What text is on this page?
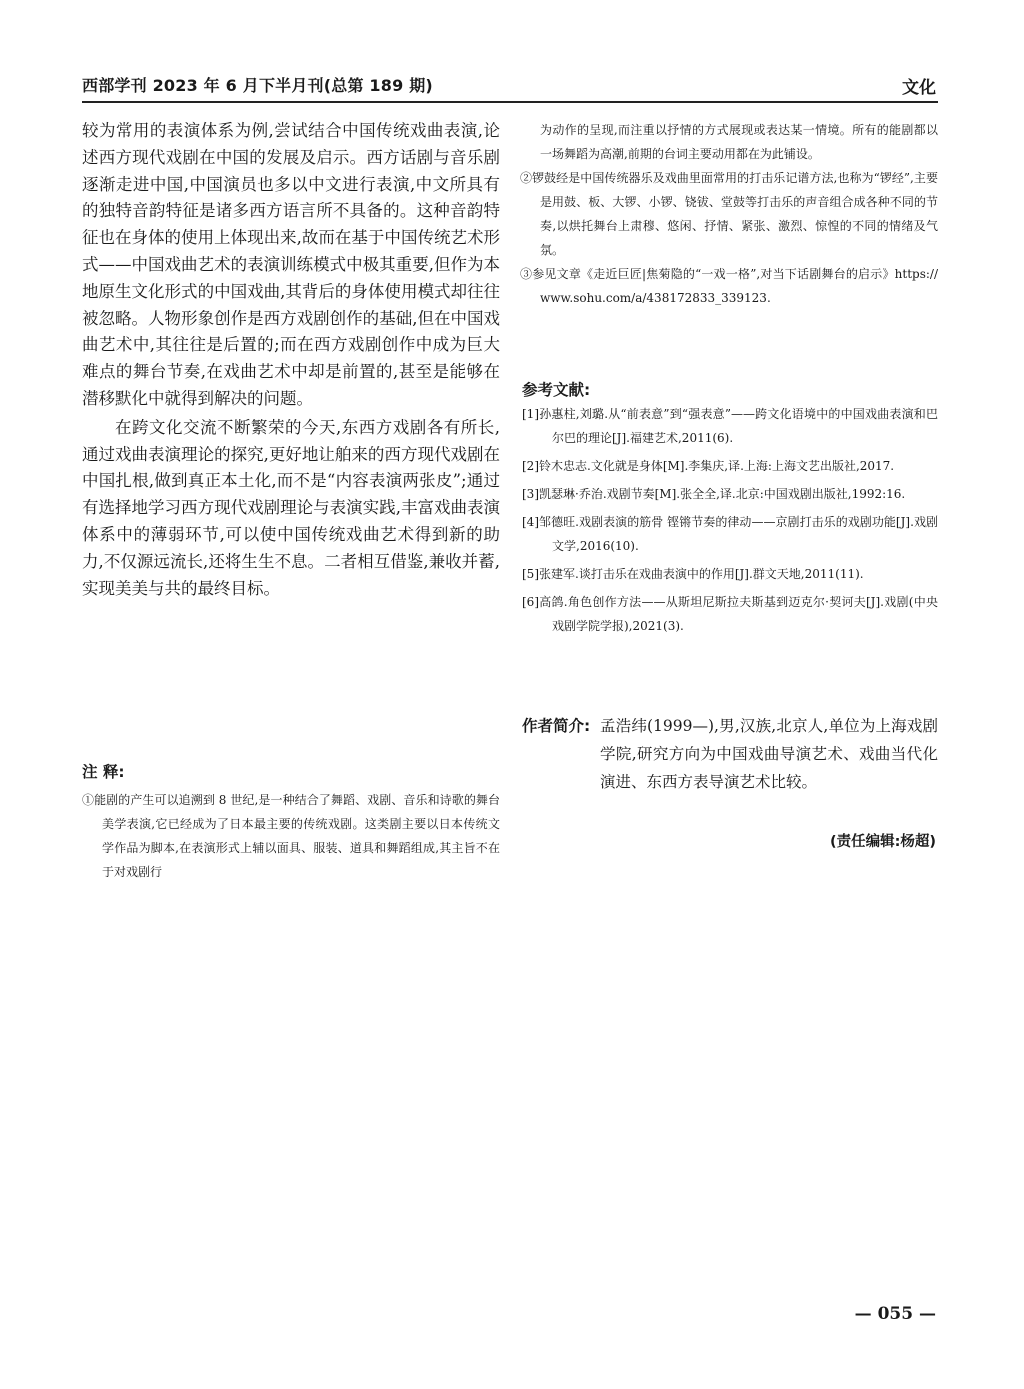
西部学刊 2023 年 6 月下半月刊(总第 189 期)	文化

较为常用的表演体系为例,尝试结合中国传统戏曲表演,论述西方现代戏剧在中国的发展及启示。西方话剧与音乐剧逐渐走进中国,中国演员也多以中文进行表演,中文所具有的独特音韵特征是诸多西方语言所不具备的。这种音韵特征也在身体的使用上体现出来,故而在基于中国传统艺术形式——中国戏曲艺术的表演训练模式中极其重要,但作为本地原生文化形式的中国戏曲,其背后的身体使用模式却往往被忽略。人物形象创作是西方戏剧创作的基础,但在中国戏曲艺术中,其往往是后置的;而在西方戏剧创作中成为巨大难点的舞台节奏,在戏曲艺术中却是前置的,甚至是能够在潜移默化中就得到解决的问题。

在跨文化交流不断繁荣的今天,东西方戏剧各有所长,通过戏曲表演理论的探究,更好地让舶来的西方现代戏剧在中国扎根,做到真正本土化,而不是“内容表演两张皮”;通过有选择地学习西方现代戏剧理论与表演实践,丰富戏曲表演体系中的薄弱环节,可以使中国传统戏曲艺术得到新的助力,不仅源远流长,还将生生不息。二者相互借鉴,兼收并蓄,实现美美与共的最终目标。

注 释:

①能剧的产生可以追溯到 8 世纪,是一种结合了舞蹈、戏剧、音乐和诗歌的舞台美学表演,它已经成为了日本最主要的传统戏剧。这类剧主要以日本传统文学作品为脚本,在表演形式上辅以面具、服装、道具和舞蹈组成,其主旨不在于对戏剧行

为动作的呈现,而注重以抒情的方式展现或表达某一情境。所有的能剧都以一场舞蹈为高潮,前期的台词主要动用都在为此铺设。

②锣鼓经是中国传统器乐及戏曲里面常用的打击乐记谱方法,也称为“锣经”,主要是用鼓、板、大锣、小锣、铙钹、堂鼓等打击乐的声音组合成各种不同的节奏,以烘托舞台上肃穆、悠闲、抒情、紧张、激烈、惊惶的不同的情绪及气氛。

③参见文章《走近巨匠|焦菊隐的“一戏一格”,对当下话剧舞台的启示》https://www.sohu.com/a/438172833_339123.

参考文献:

[1]孙惠柱,刘璐.从“前表意”到“强表意”——跨文化语境中的中国戏曲表演和巴尔巴的理论[J].福建艺术,2011(6).

[2]铃木忠志.文化就是身体[M].李集庆,译.上海:上海文艺出版社,2017.

[3]凯瑟琳·乔治.戏剧节奏[M].张全全,译.北京:中国戏剧出版社,1992:16.

[4]邹德旺.戏剧表演的筋骨 铿锵节奏的律动——京剧打击乐的戏剧功能[J].戏剧文学,2016(10).

[5]张建军.谈打击乐在戏曲表演中的作用[J].群文天地,2011(11).

[6]高鸽.角色创作方法——从斯坦尼斯拉夫斯基到迈克尔·契诃夫[J].戏剧(中央戏剧学院学报),2021(3).

作者简介: 孟浩纬(1999—),男,汉族,北京人,单位为上海戏剧学院,研究方向为中国戏曲导演艺术、戏曲当代化演进、东西方表导演艺术比较。
(责任编辑:杨超)
— 055 —
